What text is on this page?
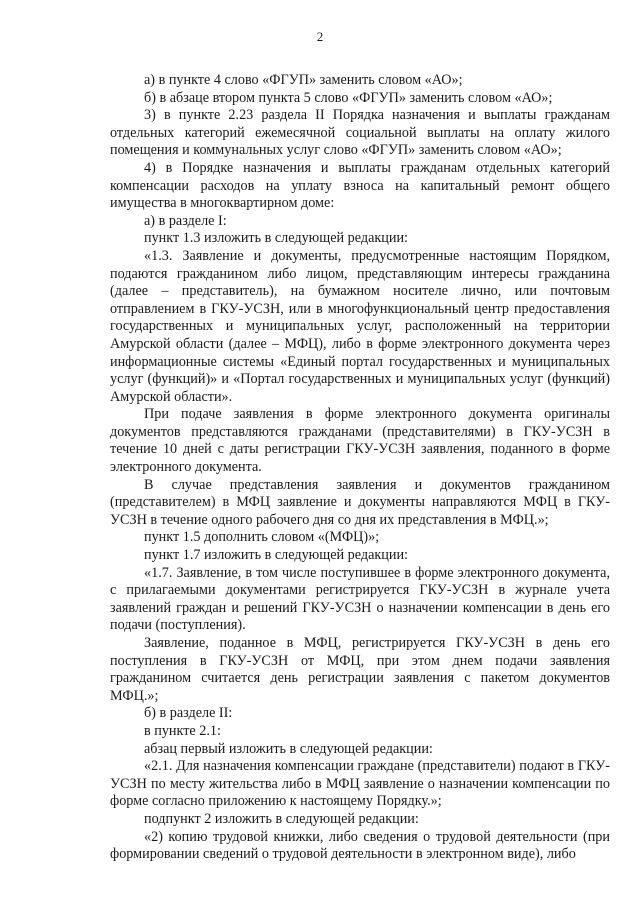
2

а) в пункте 4 слово «ФГУП» заменить словом «АО»;

б) в абзаце втором пункта 5 слово «ФГУП» заменить словом «АО»;

3) в пункте 2.23 раздела II Порядка назначения и выплаты гражданам отдельных категорий ежемесячной социальной выплаты на оплату жилого помещения и коммунальных услуг слово «ФГУП» заменить словом «АО»;

4) в Порядке назначения и выплаты гражданам отдельных категорий компенсации расходов на уплату взноса на капитальный ремонт общего имущества в многоквартирном доме:

а) в разделе I:

пункт 1.3 изложить в следующей редакции:

«1.3. Заявление и документы, предусмотренные настоящим Порядком, подаются гражданином либо лицом, представляющим интересы гражданина (далее – представитель), на бумажном носителе лично, или почтовым отправлением в ГКУ-УСЗН, или в многофункциональный центр предоставления государственных и муниципальных услуг, расположенный на территории Амурской области (далее – МФЦ), либо в форме электронного документа через информационные системы «Единый портал государственных и муниципальных услуг (функций)» и «Портал государственных и муниципальных услуг (функций) Амурской области».

При подаче заявления в форме электронного документа оригиналы документов представляются гражданами (представителями) в ГКУ-УСЗН в течение 10 дней с даты регистрации ГКУ-УСЗН заявления, поданного в форме электронного документа.

В случае представления заявления и документов гражданином (представителем) в МФЦ заявление и документы направляются МФЦ в ГКУ-УСЗН в течение одного рабочего дня со дня их представления в МФЦ.»;

пункт 1.5 дополнить словом «(МФЦ)»;

пункт 1.7 изложить в следующей редакции:

«1.7. Заявление, в том числе поступившее в форме электронного документа, с прилагаемыми документами регистрируется ГКУ-УСЗН в журнале учета заявлений граждан и решений ГКУ-УСЗН о назначении компенсации в день его подачи (поступления).

Заявление, поданное в МФЦ, регистрируется ГКУ-УСЗН в день его поступления в ГКУ-УСЗН от МФЦ, при этом днем подачи заявления гражданином считается день регистрации заявления с пакетом документов МФЦ.»;

б) в разделе II:

в пункте 2.1:

абзац первый изложить в следующей редакции:

«2.1. Для назначения компенсации граждане (представители) подают в ГКУ-УСЗН по месту жительства либо в МФЦ заявление о назначении компенсации по форме согласно приложению к настоящему Порядку.»;

подпункт 2 изложить в следующей редакции:

«2) копию трудовой книжки, либо сведения о трудовой деятельности (при формировании сведений о трудовой деятельности в электронном виде), либо
